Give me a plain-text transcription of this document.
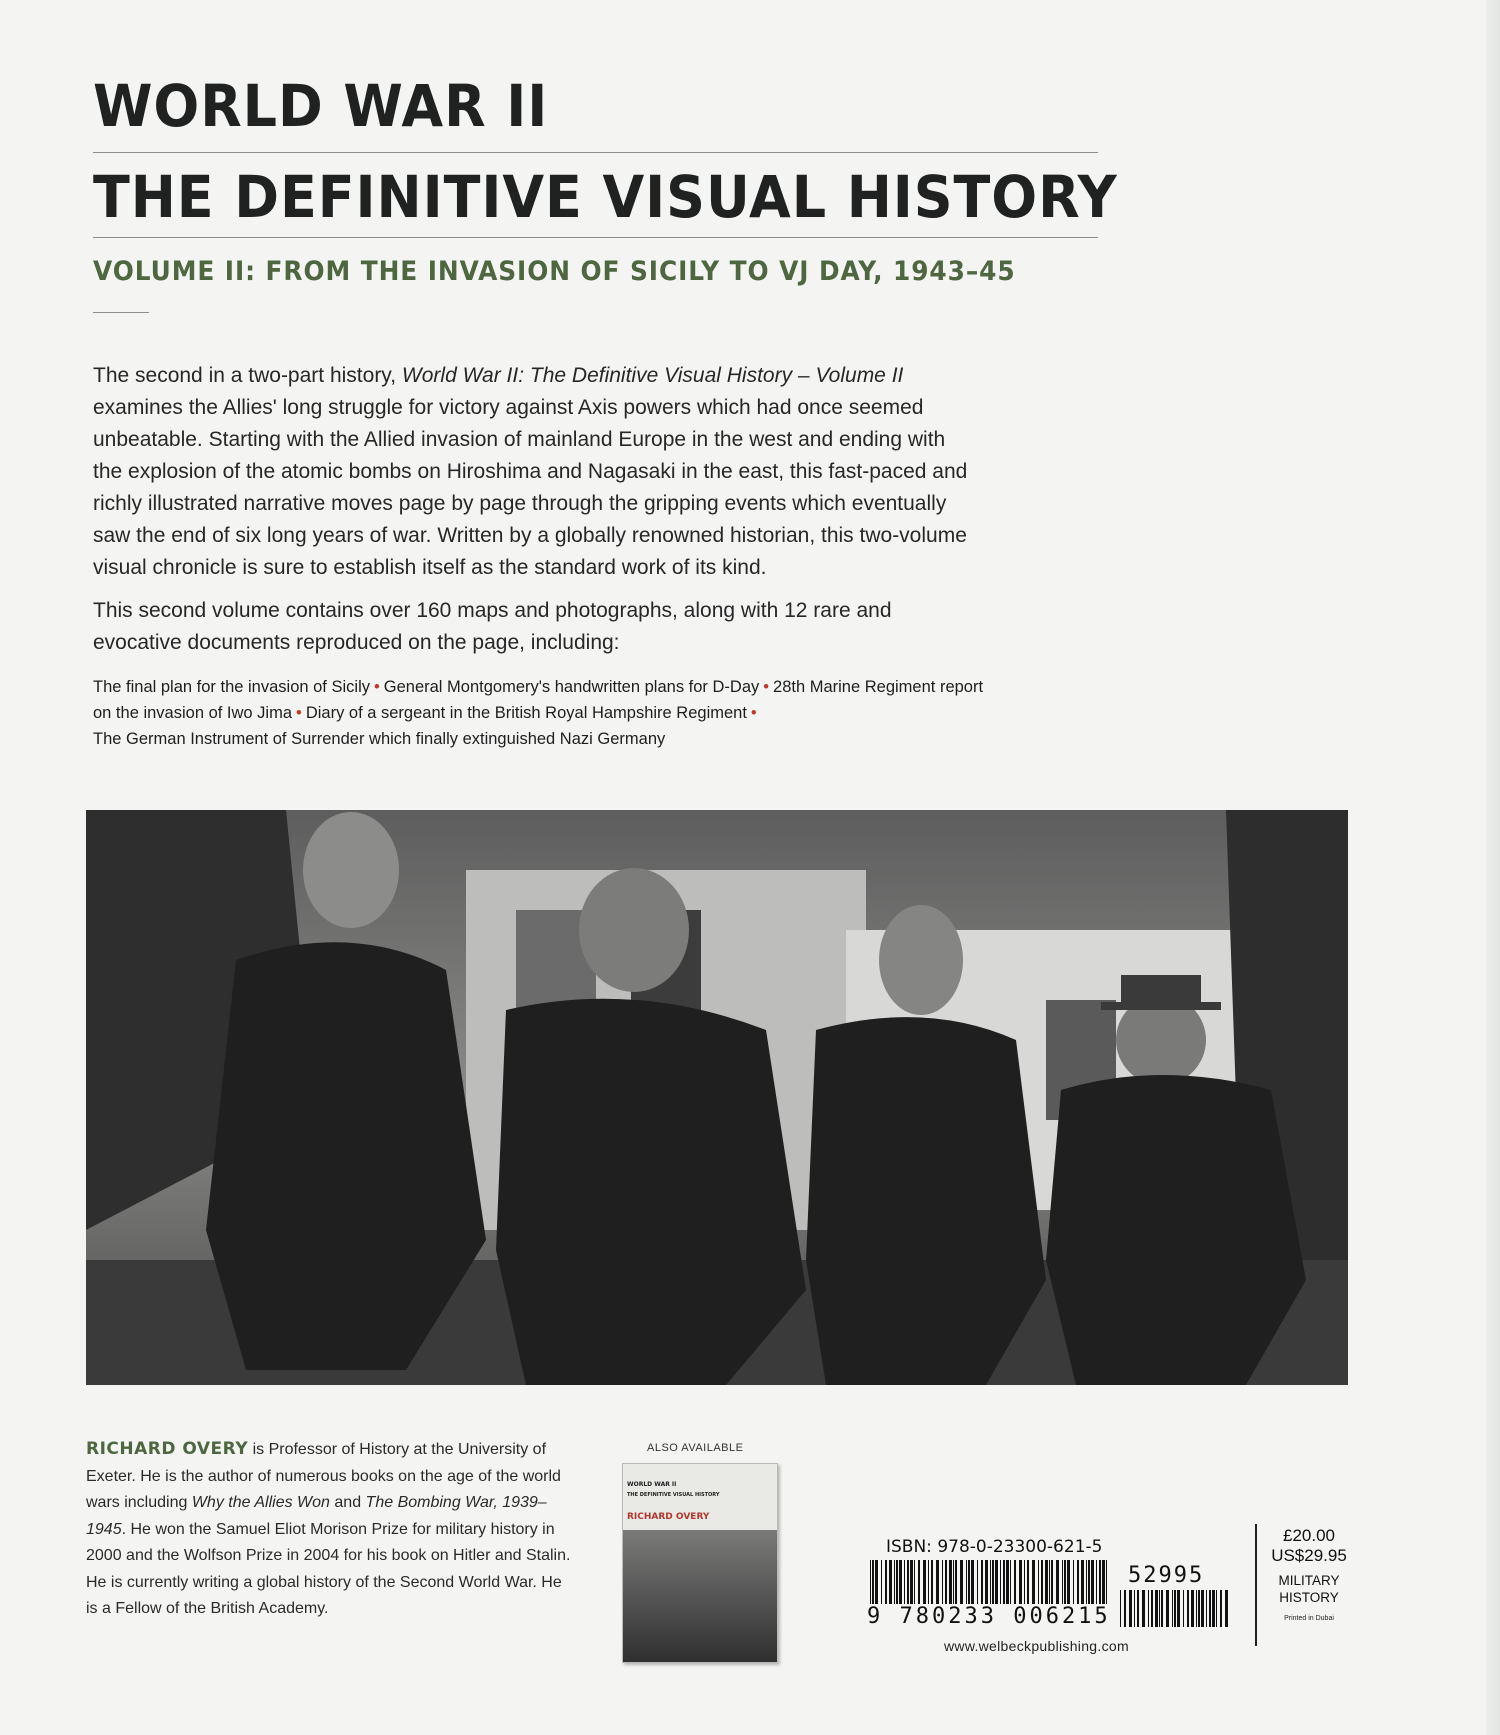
WORLD WAR II
THE DEFINITIVE VISUAL HISTORY
VOLUME II: FROM THE INVASION OF SICILY TO VJ DAY, 1943–45

The second in a two-part history, World War II: The Definitive Visual History – Volume II examines the Allies' long struggle for victory against Axis powers which had once seemed unbeatable. Starting with the Allied invasion of mainland Europe in the west and ending with the explosion of the atomic bombs on Hiroshima and Nagasaki in the east, this fast-paced and richly illustrated narrative moves page by page through the gripping events which eventually saw the end of six long years of war. Written by a globally renowned historian, this two-volume visual chronicle is sure to establish itself as the standard work of its kind.

This second volume contains over 160 maps and photographs, along with 12 rare and evocative documents reproduced on the page, including:

The final plan for the invasion of Sicily • General Montgomery's handwritten plans for D-Day • 28th Marine Regiment report on the invasion of Iwo Jima • Diary of a sergeant in the British Royal Hampshire Regiment •
The German Instrument of Surrender which finally extinguished Nazi Germany

RICHARD OVERY is Professor of History at the University of Exeter. He is the author of numerous books on the age of the world wars including Why the Allies Won and The Bombing War, 1939–1945. He won the Samuel Eliot Morison Prize for military history in 2000 and the Wolfson Prize in 2004 for his book on Hitler and Stalin. He is currently writing a global history of the Second World War. He is a Fellow of the British Academy.

ALSO AVAILABLE
WORLD WAR II
THE DEFINITIVE VISUAL HISTORY
RICHARD OVERY
ISBN: 978-0-23300-621-5
9 780233 006215
52995
www.welbeckpublishing.com
£20.00
US$29.95
MILITARY HISTORY
Printed in Dubai
